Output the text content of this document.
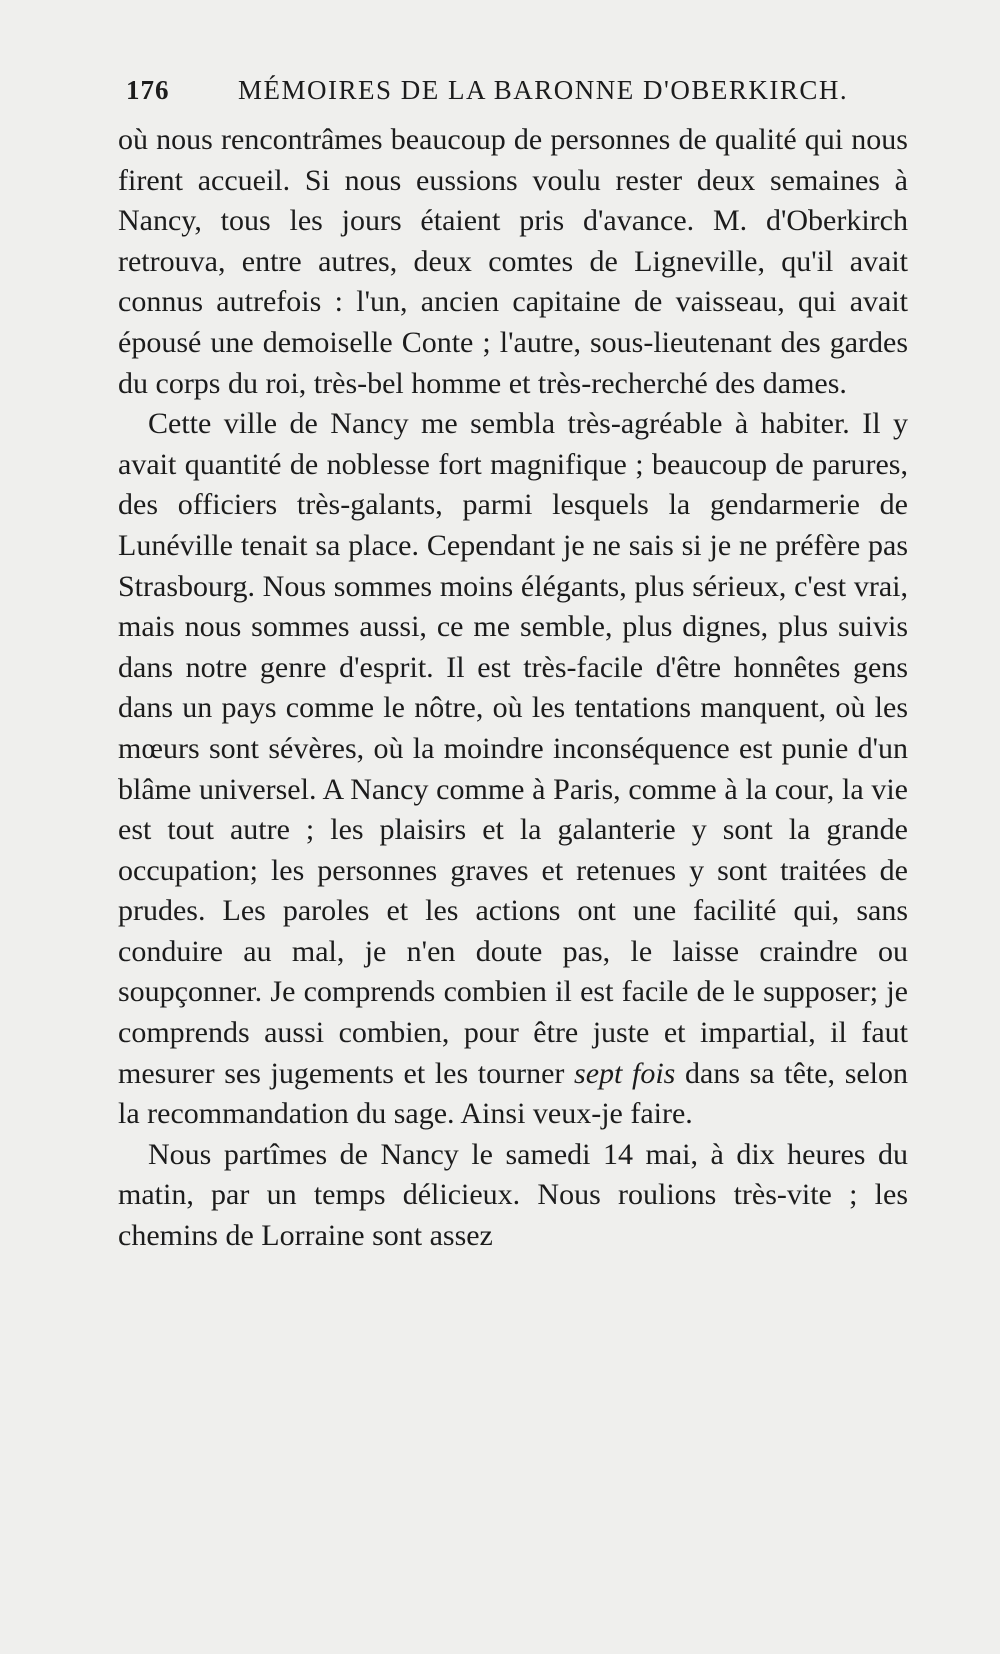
176	MÉMOIRES DE LA BARONNE D'OBERKIRCH.

où nous rencontrâmes beaucoup de personnes de qualité qui nous firent accueil. Si nous eussions voulu rester deux semaines à Nancy, tous les jours étaient pris d'avance. M. d'Oberkirch retrouva, entre autres, deux comtes de Ligneville, qu'il avait connus autrefois : l'un, ancien capitaine de vaisseau, qui avait épousé une demoiselle Conte ; l'autre, sous-lieutenant des gardes du corps du roi, très-bel homme et très-recherché des dames.

Cette ville de Nancy me sembla très-agréable à habiter. Il y avait quantité de noblesse fort magnifique ; beaucoup de parures, des officiers très-galants, parmi lesquels la gendarmerie de Lunéville tenait sa place. Cependant je ne sais si je ne préfère pas Strasbourg. Nous sommes moins élégants, plus sérieux, c'est vrai, mais nous sommes aussi, ce me semble, plus dignes, plus suivis dans notre genre d'esprit. Il est très-facile d'être honnêtes gens dans un pays comme le nôtre, où les tentations manquent, où les mœurs sont sévères, où la moindre inconséquence est punie d'un blâme universel. A Nancy comme à Paris, comme à la cour, la vie est tout autre ; les plaisirs et la galanterie y sont la grande occupation; les personnes graves et retenues y sont traitées de prudes. Les paroles et les actions ont une facilité qui, sans conduire au mal, je n'en doute pas, le laisse craindre ou soupçonner. Je comprends combien il est facile de le supposer; je comprends aussi combien, pour être juste et impartial, il faut mesurer ses jugements et les tourner sept fois dans sa tête, selon la recommandation du sage. Ainsi veux-je faire.

Nous partîmes de Nancy le samedi 14 mai, à dix heures du matin, par un temps délicieux. Nous roulions très-vite ; les chemins de Lorraine sont assez
